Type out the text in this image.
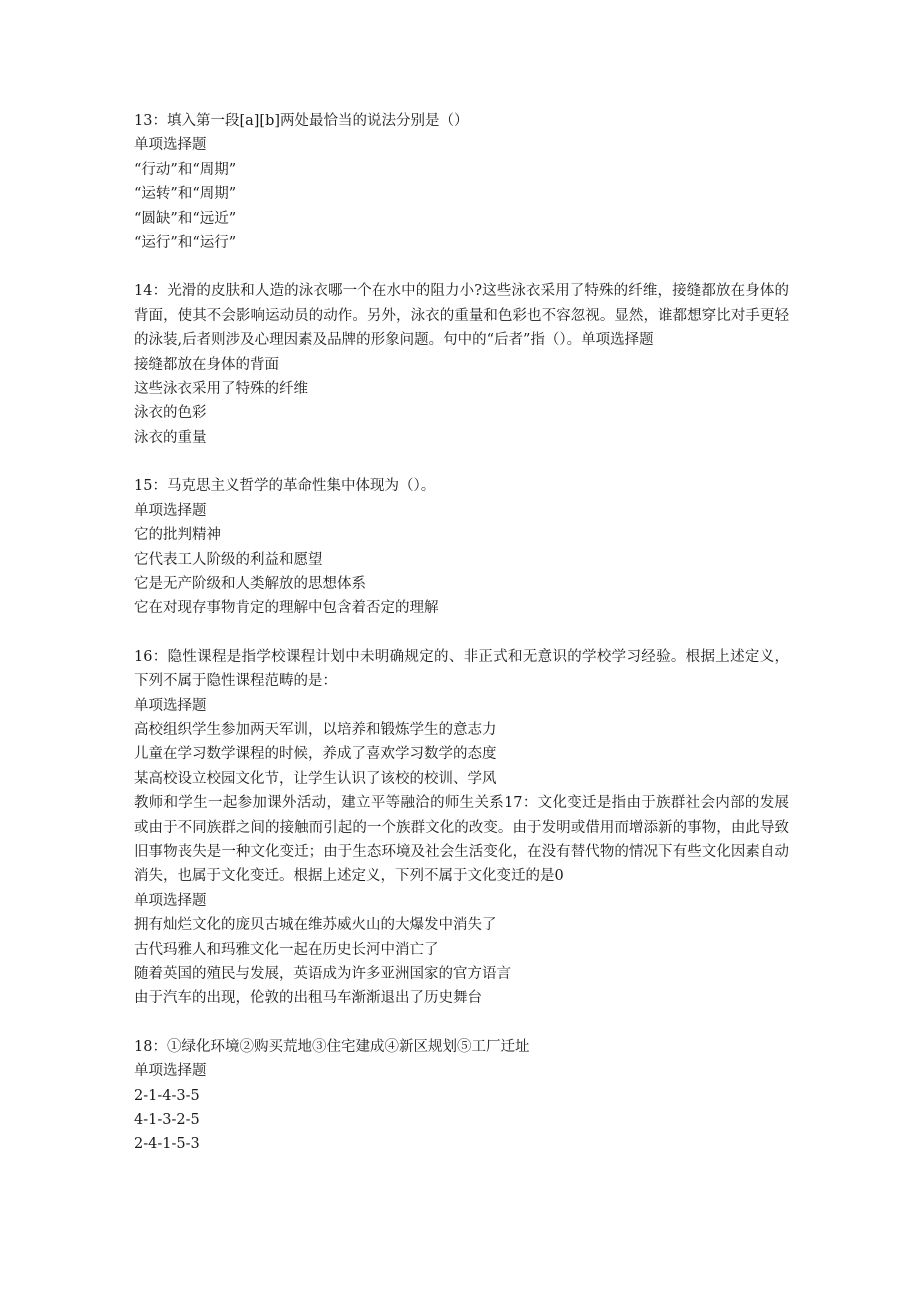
13：填入第一段[a][b]两处最恰当的说法分别是（）

单项选择题

“行动”和“周期”

“运转”和“周期”

“圆缺”和“远近”

“运行”和“运行”

14：光滑的皮肤和人造的泳衣哪一个在水中的阻力小?这些泳衣采用了特殊的纤维，接缝都放在身体的背面，使其不会影响运动员的动作。另外，泳衣的重量和色彩也不容忽视。显然，谁都想穿比对手更轻的泳装,后者则涉及心理因素及品牌的形象问题。句中的“后者”指（）。单项选择题

接缝都放在身体的背面

这些泳衣采用了特殊的纤维

泳衣的色彩

泳衣的重量

15：马克思主义哲学的革命性集中体现为（）。

单项选择题

它的批判精神

它代表工人阶级的利益和愿望

它是无产阶级和人类解放的思想体系

它在对现存事物肯定的理解中包含着否定的理解

16：隐性课程是指学校课程计划中未明确规定的、非正式和无意识的学校学习经验。根据上述定义，下列不属于隐性课程范畴的是：

单项选择题

高校组织学生参加两天军训，以培养和锻炼学生的意志力

儿童在学习数学课程的时候，养成了喜欢学习数学的态度

某高校设立校园文化节，让学生认识了该校的校训、学风

教师和学生一起参加课外活动，建立平等融洽的师生关系17：文化变迁是指由于族群社会内部的发展或由于不同族群之间的接触而引起的一个族群文化的改变。由于发明或借用而增添新的事物，由此导致旧事物丧失是一种文化变迁；由于生态环境及社会生活变化，在没有替代物的情况下有些文化因素自动消失，也属于文化变迁。根据上述定义，下列不属于文化变迁的是0

单项选择题

拥有灿烂文化的庞贝古城在维苏威火山的大爆发中消失了

古代玛雅人和玛雅文化一起在历史长河中消亡了

随着英国的殖民与发展，英语成为许多亚洲国家的官方语言

由于汽车的出现，伦敦的出租马车渐渐退出了历史舞台

18：①绿化环境②购买荒地③住宅建成④新区规划⑤工厂迁址

单项选择题

2-1-4-3-5

4-1-3-2-5

2-4-1-5-3
